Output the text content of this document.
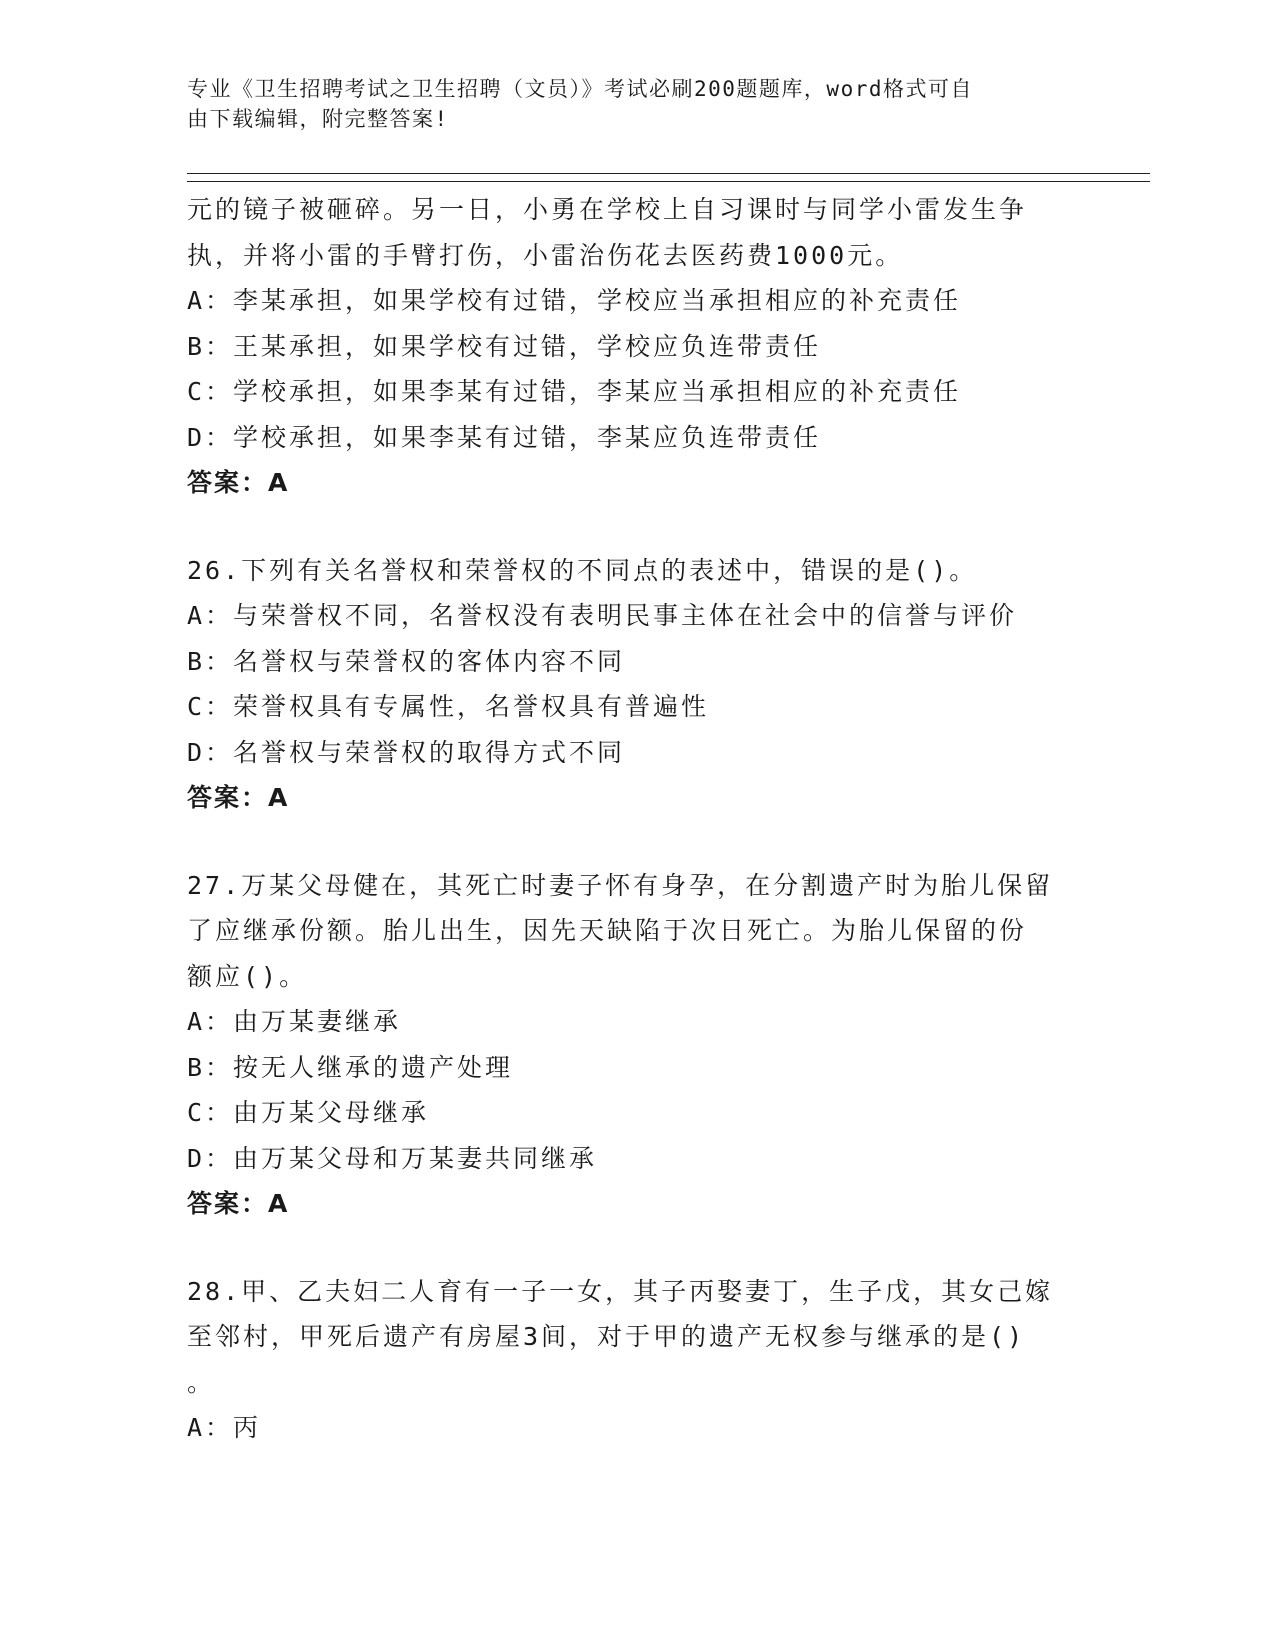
专业《卫生招聘考试之卫生招聘（文员）》考试必刷200题题库，word格式可自
由下载编辑，附完整答案!
元的镜子被砸碎。另一日，小勇在学校上自习课时与同学小雷发生争
执，并将小雷的手臂打伤，小雷治伤花去医药费1000元。
A：李某承担，如果学校有过错，学校应当承担相应的补充责任
B：王某承担，如果学校有过错，学校应负连带责任
C：学校承担，如果李某有过错，李某应当承担相应的补充责任
D：学校承担，如果李某有过错，李某应负连带责任
答案：A
26.下列有关名誉权和荣誉权的不同点的表述中，错误的是()。
A：与荣誉权不同，名誉权没有表明民事主体在社会中的信誉与评价
B：名誉权与荣誉权的客体内容不同
C：荣誉权具有专属性，名誉权具有普遍性
D：名誉权与荣誉权的取得方式不同
答案：A
27.万某父母健在，其死亡时妻子怀有身孕，在分割遗产时为胎儿保留
了应继承份额。胎儿出生，因先天缺陷于次日死亡。为胎儿保留的份
额应()。
A：由万某妻继承
B：按无人继承的遗产处理
C：由万某父母继承
D：由万某父母和万某妻共同继承
答案：A
28.甲、乙夫妇二人育有一子一女，其子丙娶妻丁，生子戊，其女己嫁
至邻村，甲死后遗产有房屋3间，对于甲的遗产无权参与继承的是()
。
A：丙
